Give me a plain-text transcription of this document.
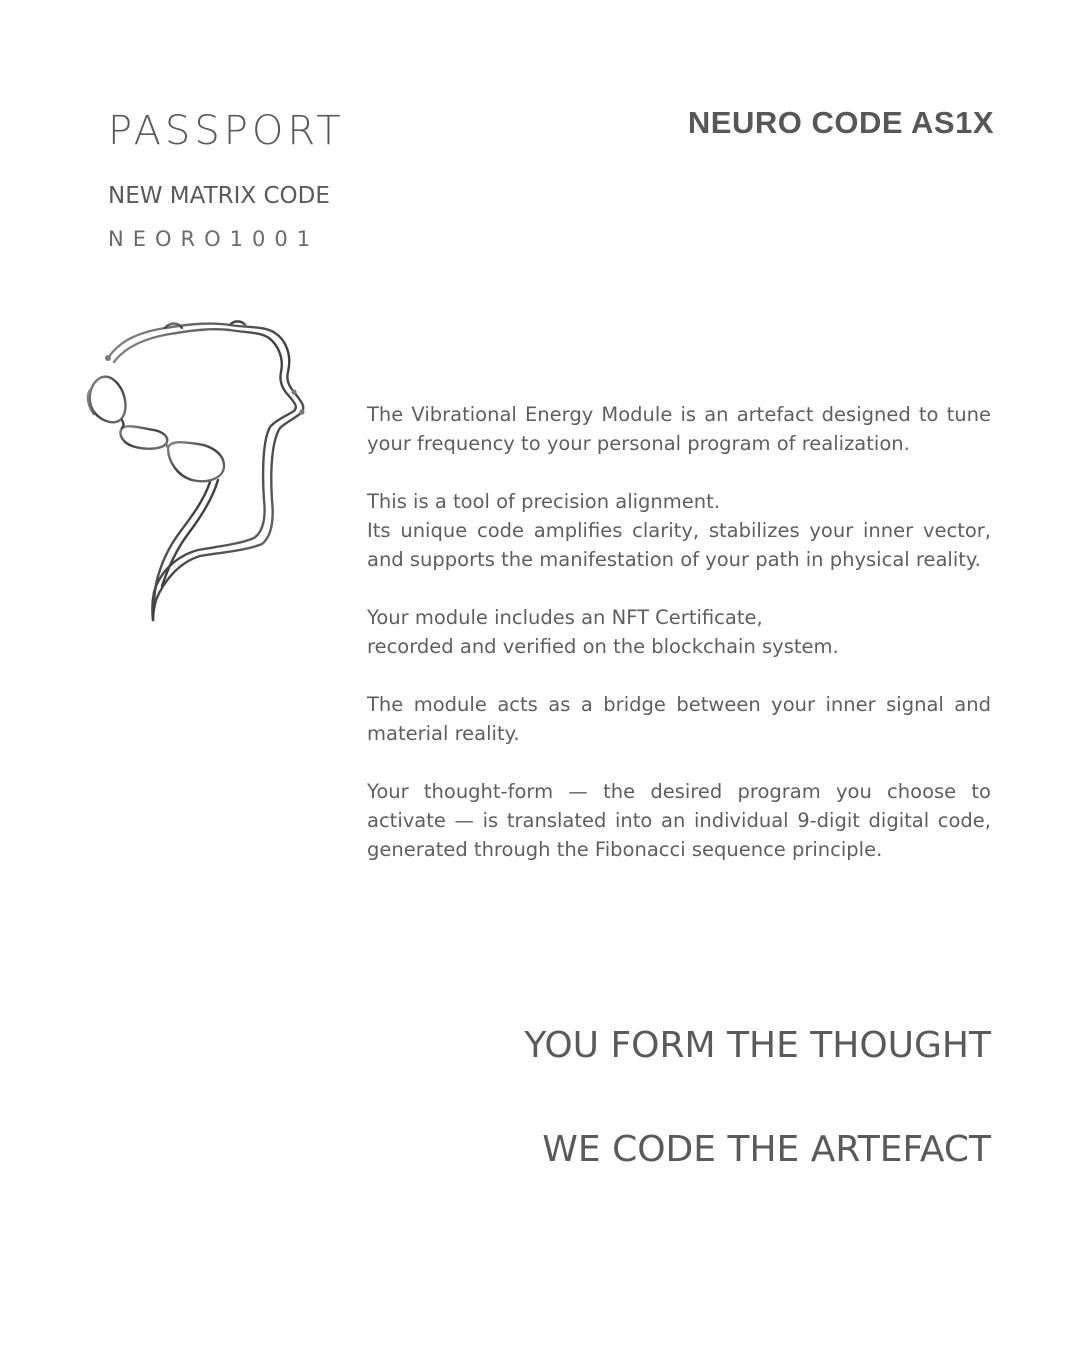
PASSPORT	NEURO CODE AS1X
NEW MATRIX CODE
NEORO1001

The Vibrational Energy Module is an artefact designed to tune your frequency to your personal program of realization.

This is a tool of precision alignment.
Its unique code amplifies clarity, stabilizes your inner vector, and supports the manifestation of your path in physical reality.

Your module includes an NFT Certificate,
recorded and verified on the blockchain system.

The module acts as a bridge between your inner signal and material reality.

Your thought-form — the desired program you choose to activate — is translated into an individual 9-digit digital code, generated through the Fibonacci sequence principle.

YOU FORM THE THOUGHT
WE CODE THE ARTEFACT
